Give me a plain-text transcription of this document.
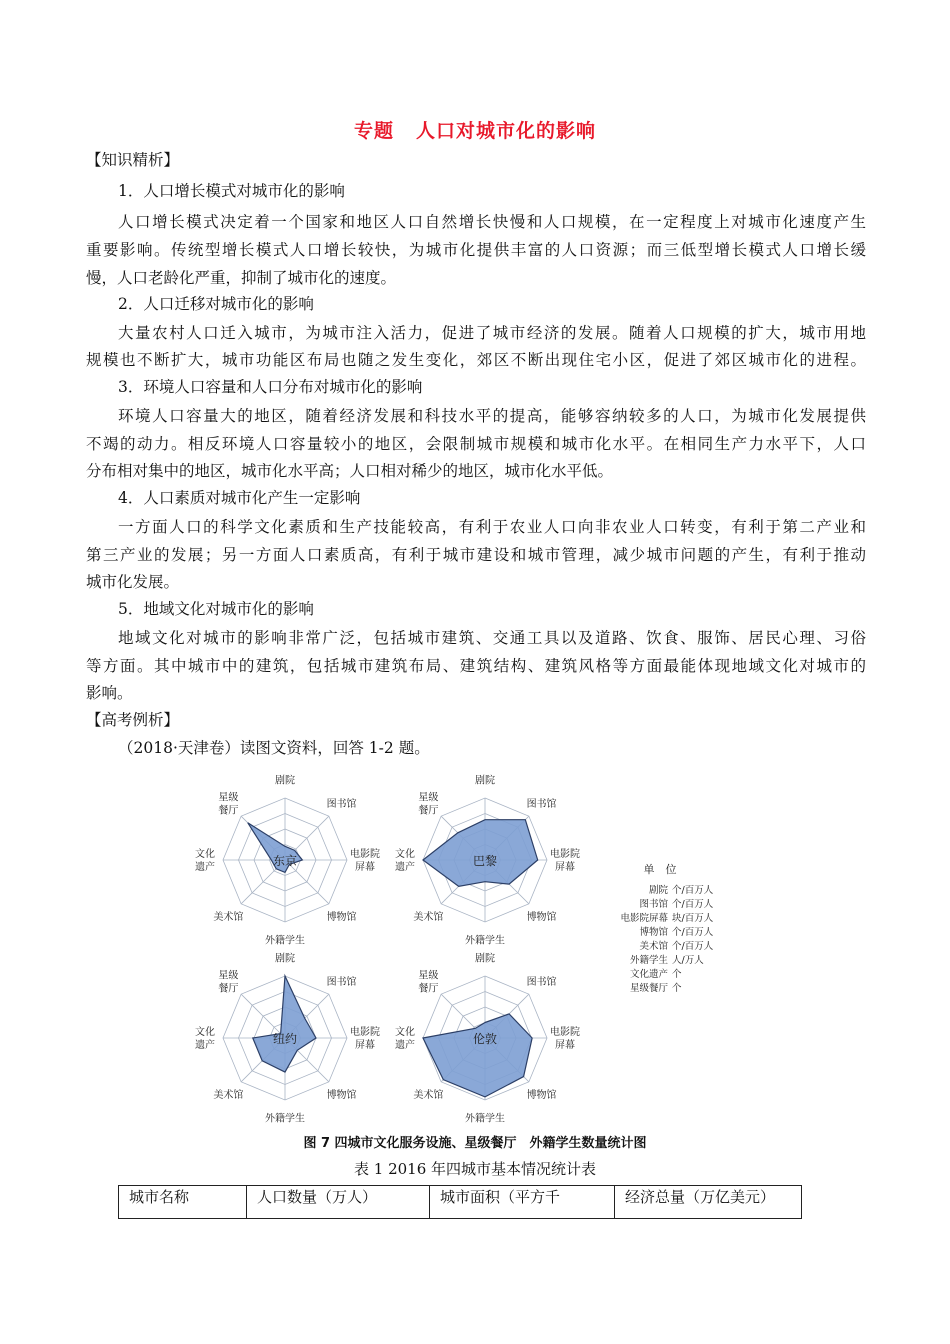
专题 人口对城市化的影响
【知识精析】
1．人口增长模式对城市化的影响
人口增长模式决定着一个国家和地区人口自然增长快慢和人口规模，在一定程度上对城市化速度产生
重要影响。传统型增长模式人口增长较快，为城市化提供丰富的人口资源；而三低型增长模式人口增长缓
慢，人口老龄化严重，抑制了城市化的速度。
2．人口迁移对城市化的影响
大量农村人口迁入城市，为城市注入活力，促进了城市经济的发展。随着人口规模的扩大，城市用地
规模也不断扩大，城市功能区布局也随之发生变化，郊区不断出现住宅小区，促进了郊区城市化的进程。
3．环境人口容量和人口分布对城市化的影响
环境人口容量大的地区，随着经济发展和科技水平的提高，能够容纳较多的人口，为城市化发展提供
不竭的动力。相反环境人口容量较小的地区，会限制城市规模和城市化水平。在相同生产力水平下，人口
分布相对集中的地区，城市化水平高；人口相对稀少的地区，城市化水平低。
4．人口素质对城市化产生一定影响
一方面人口的科学文化素质和生产技能较高，有利于农业人口向非农业人口转变，有利于第二产业和
第三产业的发展；另一方面人口素质高，有利于城市建设和城市管理，减少城市问题的产生，有利于推动
城市化发展。
5．地域文化对城市化的影响
地域文化对城市的影响非常广泛，包括城市建筑、交通工具以及道路、饮食、服饰、居民心理、习俗
等方面。其中城市中的建筑，包括城市建筑布局、建筑结构、建筑风格等方面最能体现地域文化对城市的
影响。
【高考例析】
（2018·天津卷）读图文资料，回答 1-2 题。
东京
剧院
图书馆
电影院
屏幕
博物馆
外籍学生
美术馆
文化
遗产
星级
餐厅
巴黎
剧院
图书馆
电影院
屏幕
博物馆
外籍学生
美术馆
文化
遗产
星级
餐厅
纽约
剧院
图书馆
电影院
屏幕
博物馆
外籍学生
美术馆
文化
遗产
星级
餐厅
伦敦
剧院
图书馆
电影院
屏幕
博物馆
外籍学生
美术馆
文化
遗产
星级
餐厅
单　位
剧院 个/百万人
图书馆 个/百万人
电影院屏幕 块/百万人
博物馆 个/百万人
美术馆 个/百万人
外籍学生 人/万人
文化遗产 个
星级餐厅 个
图 7 四城市文化服务设施、星级餐厅　外籍学生数量统计图
表 1 2016 年四城市基本情况统计表
城市名称	人口数量（万人）	城市面积（平方千	经济总量（万亿美元）
